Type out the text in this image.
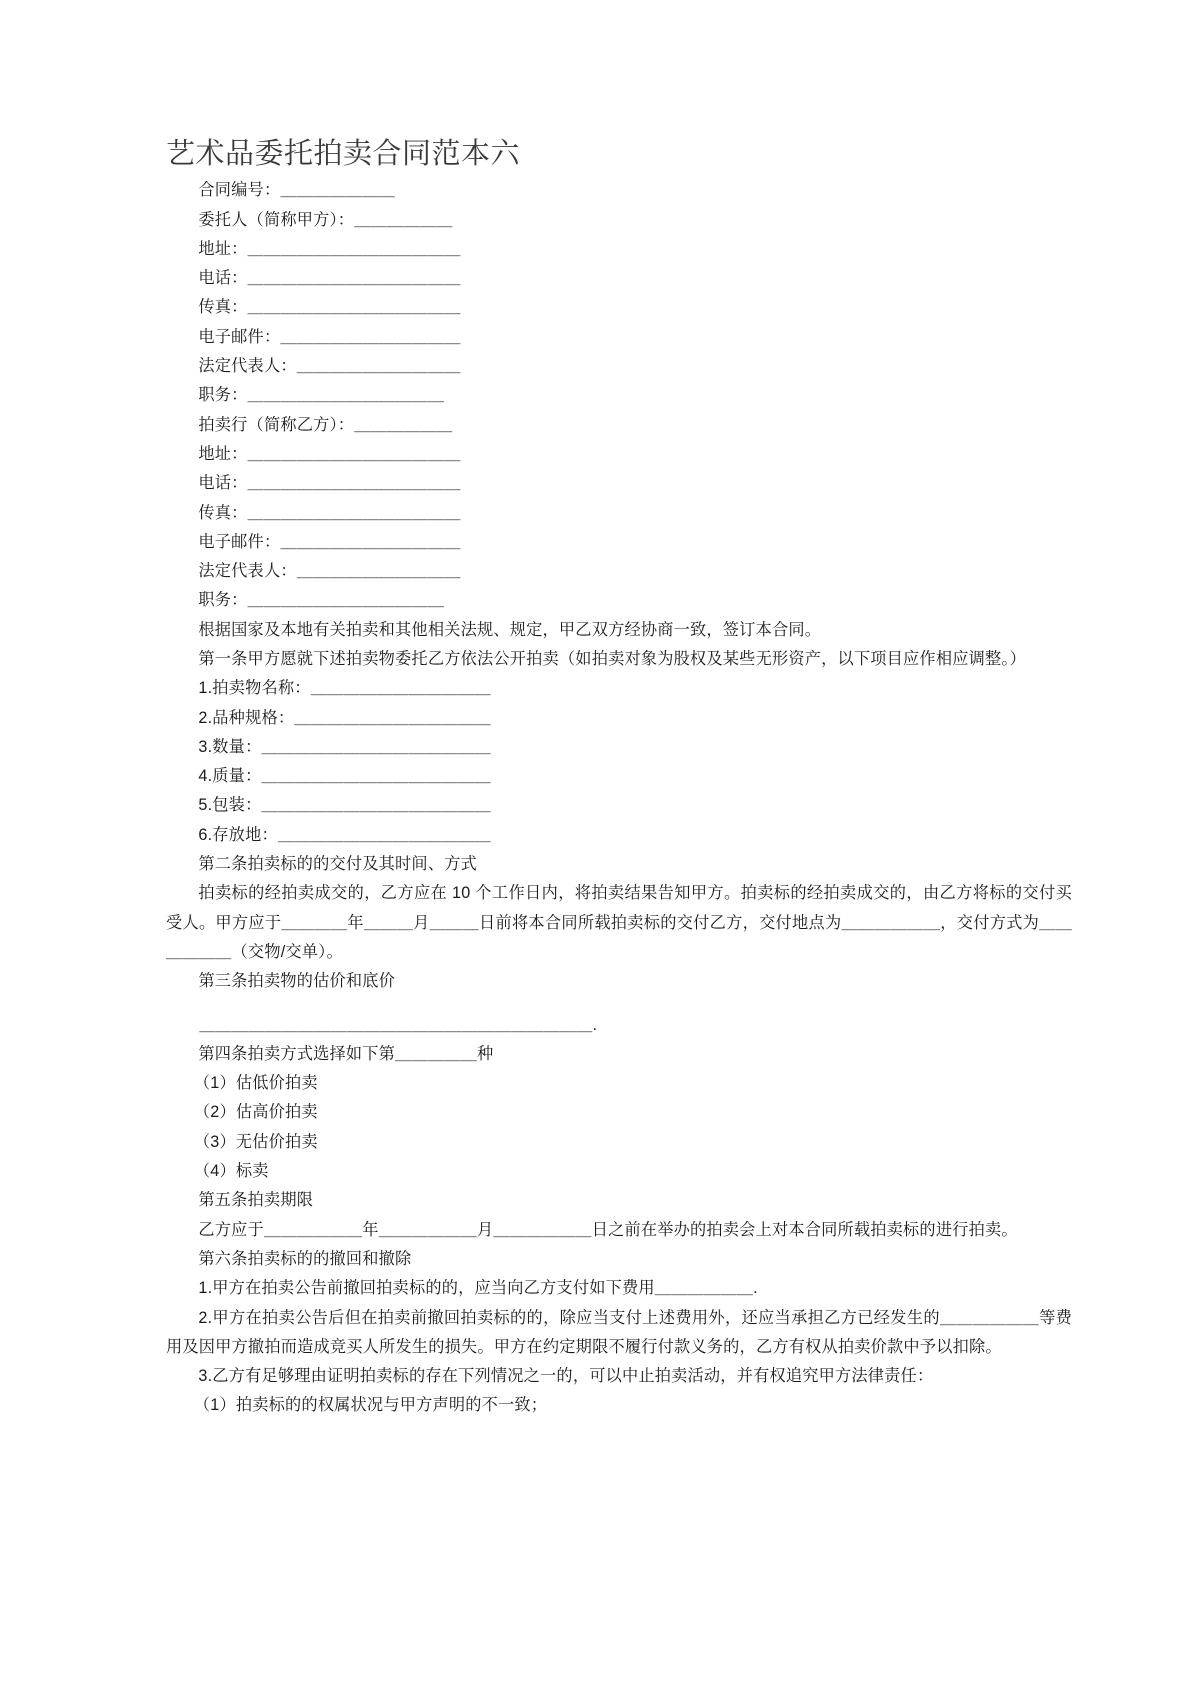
艺术品委托拍卖合同范本六

合同编号：＿＿＿＿＿＿＿

委托人（简称甲方）：＿＿＿＿＿＿

地址：＿＿＿＿＿＿＿＿＿＿＿＿＿

电话：＿＿＿＿＿＿＿＿＿＿＿＿＿

传真：＿＿＿＿＿＿＿＿＿＿＿＿＿

电子邮件：＿＿＿＿＿＿＿＿＿＿＿

法定代表人：＿＿＿＿＿＿＿＿＿＿

职务：＿＿＿＿＿＿＿＿＿＿＿＿

拍卖行（简称乙方）：＿＿＿＿＿＿

地址：＿＿＿＿＿＿＿＿＿＿＿＿＿

电话：＿＿＿＿＿＿＿＿＿＿＿＿＿

传真：＿＿＿＿＿＿＿＿＿＿＿＿＿

电子邮件：＿＿＿＿＿＿＿＿＿＿＿

法定代表人：＿＿＿＿＿＿＿＿＿＿

职务：＿＿＿＿＿＿＿＿＿＿＿＿

根据国家及本地有关拍卖和其他相关法规、规定，甲乙双方经协商一致，签订本合同。

第一条甲方愿就下述拍卖物委托乙方依法公开拍卖（如拍卖对象为股权及某些无形资产，以下项目应作相应调整。）

1.拍卖物名称：＿＿＿＿＿＿＿＿＿＿＿

2.品种规格：＿＿＿＿＿＿＿＿＿＿＿＿

3.数量：＿＿＿＿＿＿＿＿＿＿＿＿＿＿

4.质量：＿＿＿＿＿＿＿＿＿＿＿＿＿＿

5.包装：＿＿＿＿＿＿＿＿＿＿＿＿＿＿

6.存放地：＿＿＿＿＿＿＿＿＿＿＿＿＿

第二条拍卖标的的交付及其时间、方式

拍卖标的经拍卖成交的，乙方应在 10 个工作日内，将拍卖结果告知甲方。拍卖标的经拍卖成交的，由乙方将标的交付买受人。甲方应于＿＿＿＿年＿＿＿月＿＿＿日前将本合同所载拍卖标的交付乙方，交付地点为＿＿＿＿＿＿，交付方式为＿＿＿＿＿＿（交物/交单）。

第三条拍卖物的估价和底价

＿＿＿＿＿＿＿＿＿＿＿＿＿＿＿＿＿＿＿＿＿＿＿＿.

第四条拍卖方式选择如下第＿＿＿＿＿种

（1）估低价拍卖

（2）估高价拍卖

（3）无估价拍卖

（4）标卖

第五条拍卖期限

乙方应于＿＿＿＿＿＿年＿＿＿＿＿＿月＿＿＿＿＿＿日之前在举办的拍卖会上对本合同所载拍卖标的进行拍卖。

第六条拍卖标的的撤回和撤除

1.甲方在拍卖公告前撤回拍卖标的的，应当向乙方支付如下费用＿＿＿＿＿＿.

2.甲方在拍卖公告后但在拍卖前撤回拍卖标的的，除应当支付上述费用外，还应当承担乙方已经发生的＿＿＿＿＿＿等费用及因甲方撤拍而造成竞买人所发生的损失。甲方在约定期限不履行付款义务的，乙方有权从拍卖价款中予以扣除。

3.乙方有足够理由证明拍卖标的存在下列情况之一的，可以中止拍卖活动，并有权追究甲方法律责任：

（1）拍卖标的的权属状况与甲方声明的不一致；
